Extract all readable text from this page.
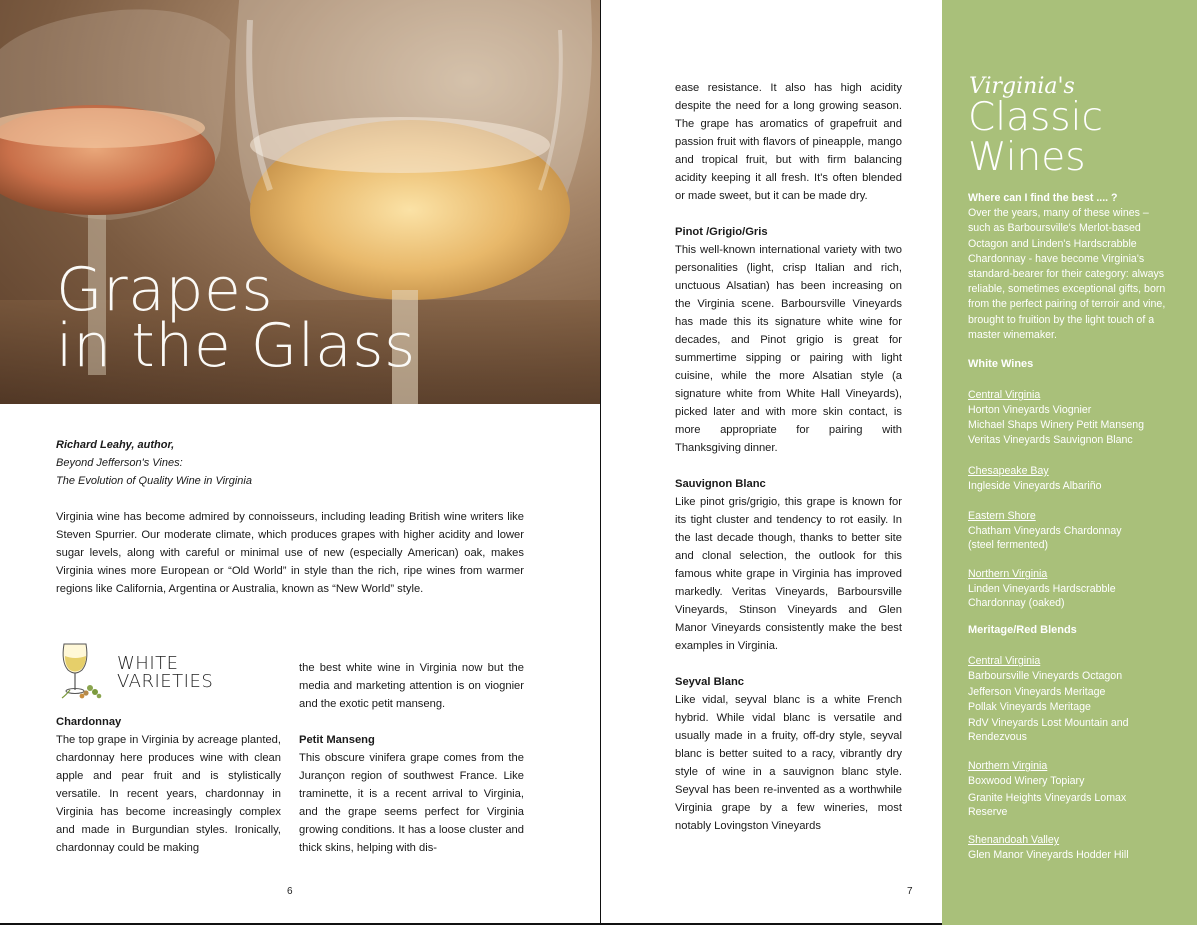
Grapes
in the Glass
Richard Leahy, author,
Beyond Jefferson's Vines:
The Evolution of Quality Wine in Virginia

Virginia wine has become admired by connoisseurs, including leading British wine writers like Steven Spurrier. Our moderate climate, which produces grapes with higher acidity and lower sugar levels, along with careful or minimal use of new (especially American) oak, makes Virginia wines more European or “Old World” in style than the rich, ripe wines from warmer regions like California, Argentina or Australia, known as “New World” style.

WHITE
VARIETIES
Chardonnay

The top grape in Virginia by acreage planted, chardonnay here produces wine with clean apple and pear fruit and is stylistically versatile. In recent years, chardonnay in Virginia has become increasingly complex and made in Burgundian styles. Ironically, chardonnay could be making

the best white wine in Virginia now but the media and marketing attention is on viognier and the exotic petit manseng.

Petit Manseng

This obscure vinifera grape comes from the Jurançon region of southwest France. Like traminette, it is a recent arrival to Virginia, and the grape seems perfect for Virginia growing conditions. It has a loose cluster and thick skins, helping with dis-

6

ease resistance. It also has high acidity despite the need for a long growing season. The grape has aromatics of grapefruit and passion fruit with flavors of pineapple, mango and tropical fruit, but with firm balancing acidity keeping it all fresh. It's often blended or made sweet, but it can be made dry.

Pinot /Grigio/Gris

This well-known international variety with two personalities (light, crisp Italian and rich, unctuous Alsatian) has been increasing on the Virginia scene. Barboursville Vineyards has made this its signature white wine for decades, and Pinot grigio is great for summertime sipping or pairing with light cuisine, while the more Alsatian style (a signature white from White Hall Vineyards), picked later and with more skin contact, is more appropriate for pairing with Thanksgiving dinner.

Sauvignon Blanc

Like pinot gris/grigio, this grape is known for its tight cluster and tendency to rot easily. In the last decade though, thanks to better site and clonal selection, the outlook for this famous white grape in Virginia has improved markedly. Veritas Vineyards, Barboursville Vineyards, Stinson Vineyards and Glen Manor Vineyards consistently make the best examples in Virginia.

Seyval Blanc

Like vidal, seyval blanc is a white French hybrid. While vidal blanc is versatile and usually made in a fruity, off-dry style, seyval blanc is better suited to a racy, vibrantly dry style of wine in a sauvignon blanc style. Seyval has been re-invented as a worthwhile Virginia grape by a few wineries, most notably Lovingston Vineyards

7
Virginia's
Classic
Wines
Where can I find the best .... ?
Over the years, many of these wines – such as Barboursville's Merlot-based Octagon and Linden's Hardscrabble Chardonnay - have become Virginia's standard-bearer for their category: always reliable, sometimes exceptional gifts, born from the perfect pairing of terroir and vine, brought to fruition by the light touch of a master winemaker.
White Wines
Central Virginia
Horton Vineyards Viognier
Michael Shaps Winery Petit Manseng
Veritas Vineyards Sauvignon Blanc
Chesapeake Bay
Ingleside Vineyards Albariño
Eastern Shore
Chatham Vineyards Chardonnay
(steel fermented)
Northern Virginia
Linden Vineyards Hardscrabble
Chardonnay (oaked)
Meritage/Red Blends
Central Virginia
Barboursville Vineyards Octagon
Jefferson Vineyards Meritage
Pollak Vineyards Meritage
RdV Vineyards Lost Mountain and
Rendezvous
Northern Virginia
Boxwood Winery Topiary
Granite Heights Vineyards Lomax
Reserve
Shenandoah Valley
Glen Manor Vineyards Hodder Hill
